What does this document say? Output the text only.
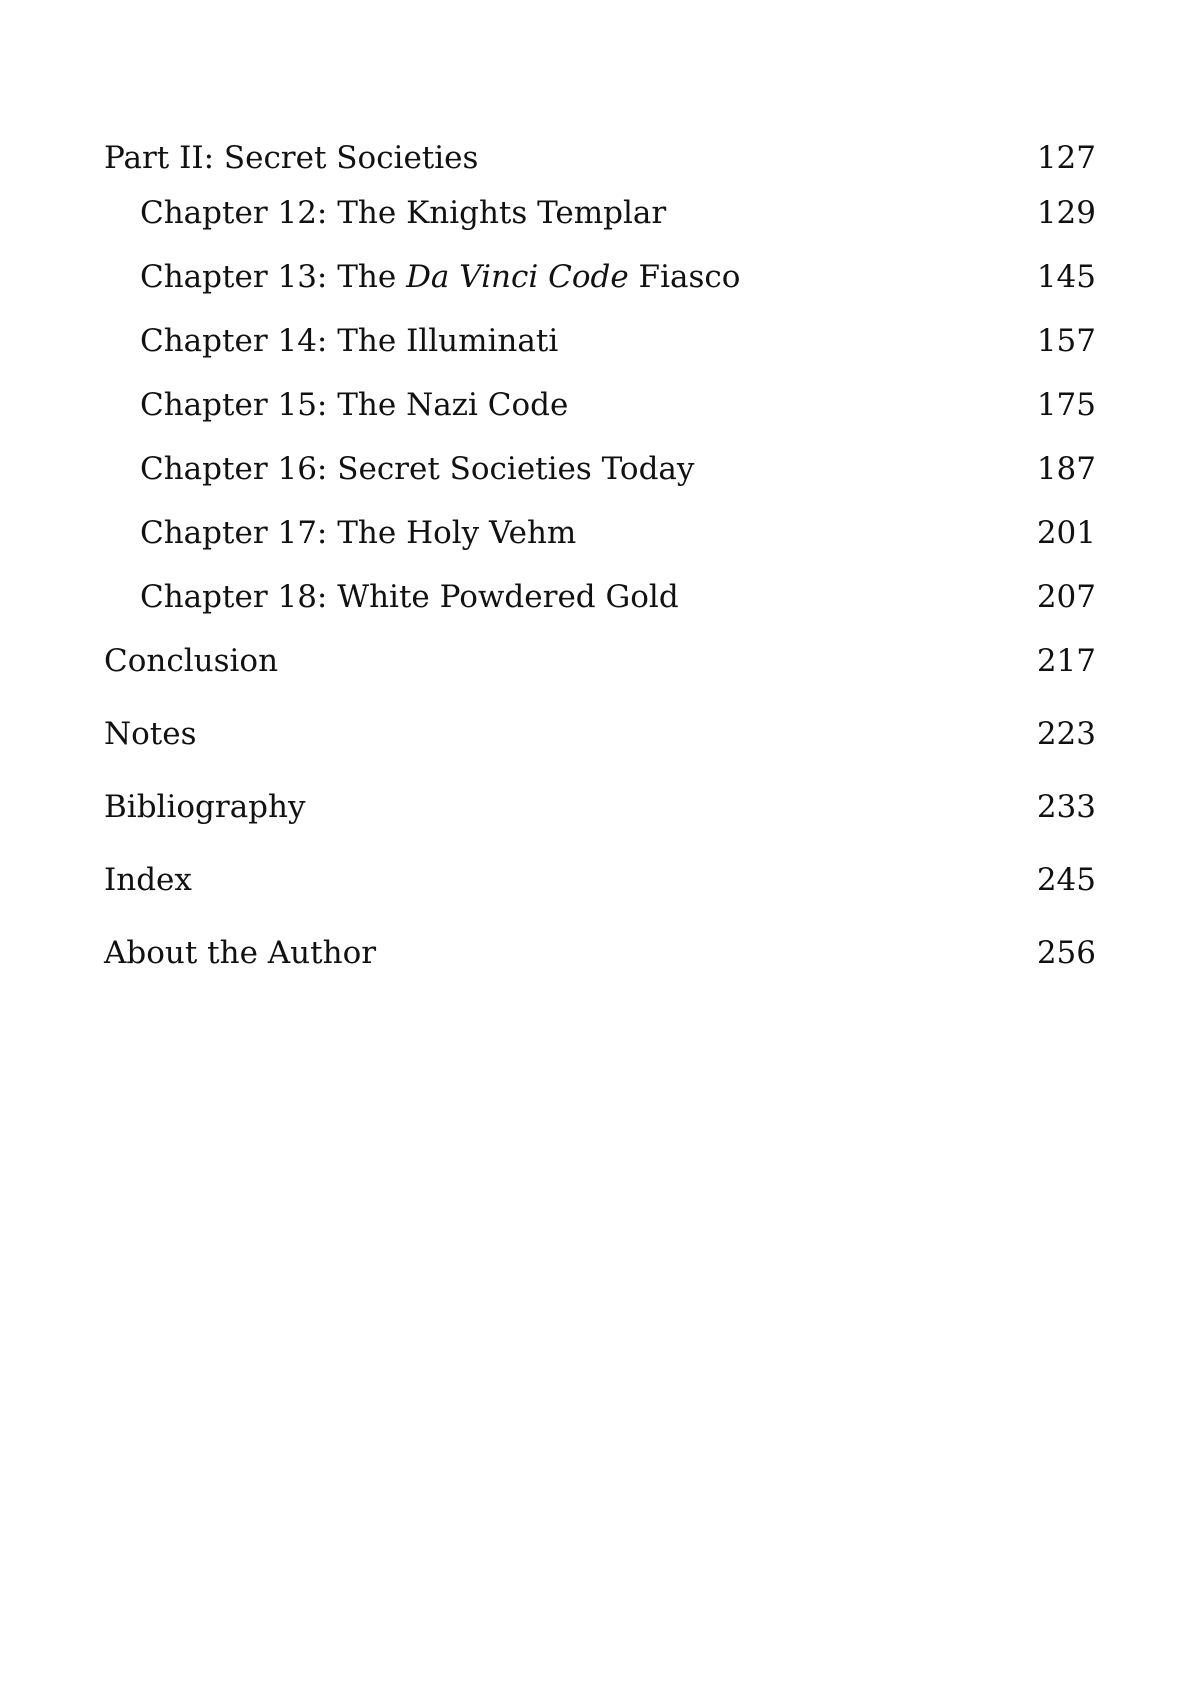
Part II: Secret Societies	127
Chapter 12: The Knights Templar	129
Chapter 13: The Da Vinci Code Fiasco	145
Chapter 14: The Illuminati	157
Chapter 15: The Nazi Code	175
Chapter 16: Secret Societies Today	187
Chapter 17: The Holy Vehm	201
Chapter 18: White Powdered Gold	207
Conclusion	217
Notes	223
Bibliography	233
Index	245
About the Author	256
